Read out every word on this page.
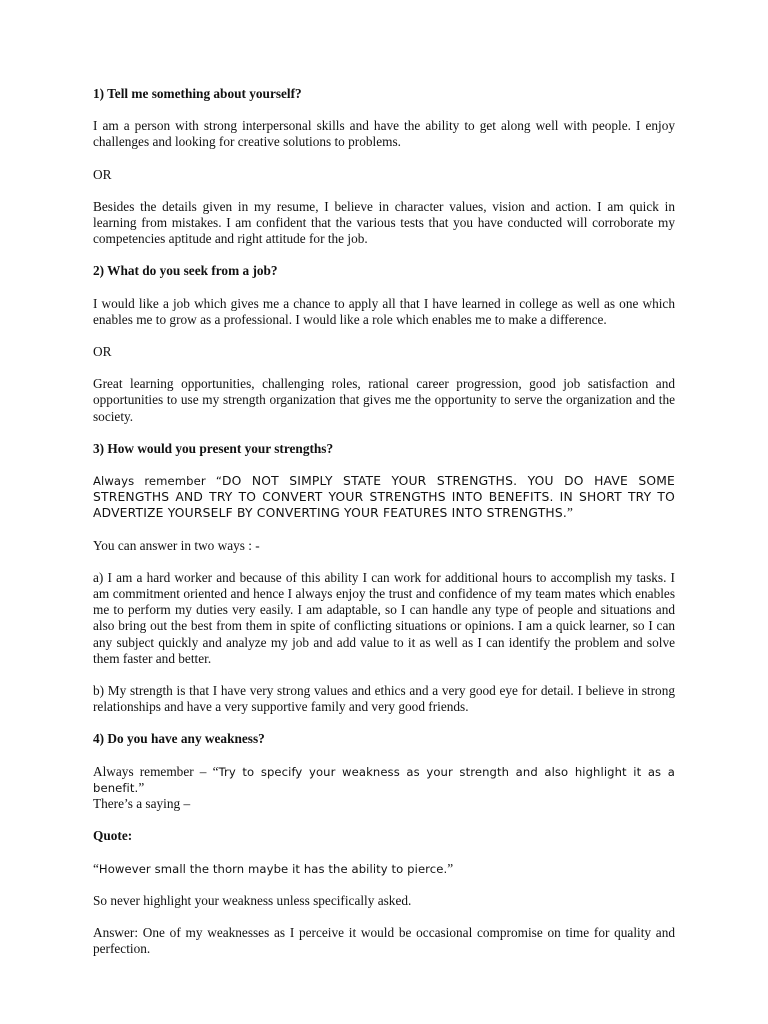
1) Tell me something about yourself?
I am a person with strong interpersonal skills and have the ability to get along well with people. I enjoy challenges and looking for creative solutions to problems.
OR
Besides the details given in my resume, I believe in character values, vision and action. I am quick in learning from mistakes. I am confident that the various tests that you have conducted will corroborate my competencies aptitude and right attitude for the job.
2) What do you seek from a job?
I would like a job which gives me a chance to apply all that I have learned in college as well as one which enables me to grow as a professional. I would like a role which enables me to make a difference.
OR
Great learning opportunities, challenging roles, rational career progression, good job satisfaction and opportunities to use my strength organization that gives me the opportunity to serve the organization and the society.
3) How would you present your strengths?
Always remember “DO NOT SIMPLY STATE YOUR STRENGTHS. YOU DO HAVE SOME STRENGTHS AND TRY TO CONVERT YOUR STRENGTHS INTO BENEFITS. IN SHORT TRY TO ADVERTIZE YOURSELF BY CONVERTING YOUR FEATURES INTO STRENGTHS.”
You can answer in two ways : -
a) I am a hard worker and because of this ability I can work for additional hours to accomplish my tasks. I am commitment oriented and hence I always enjoy the trust and confidence of my team mates which enables me to perform my duties very easily. I am adaptable, so I can handle any type of people and situations and also bring out the best from them in spite of conflicting situations or opinions. I am a quick learner, so I can any subject quickly and analyze my job and add value to it as well as I can identify the problem and solve them faster and better.
b) My strength is that I have very strong values and ethics and a very good eye for detail. I believe in strong relationships and have a very supportive family and very good friends.
4) Do you have any weakness?
Always remember – “Try to specify your weakness as your strength and also highlight it as a benefit.”
There’s a saying –
Quote:
“However small the thorn maybe it has the ability to pierce.”
So never highlight your weakness unless specifically asked.
Answer: One of my weaknesses as I perceive it would be occasional compromise on time for quality and perfection.
